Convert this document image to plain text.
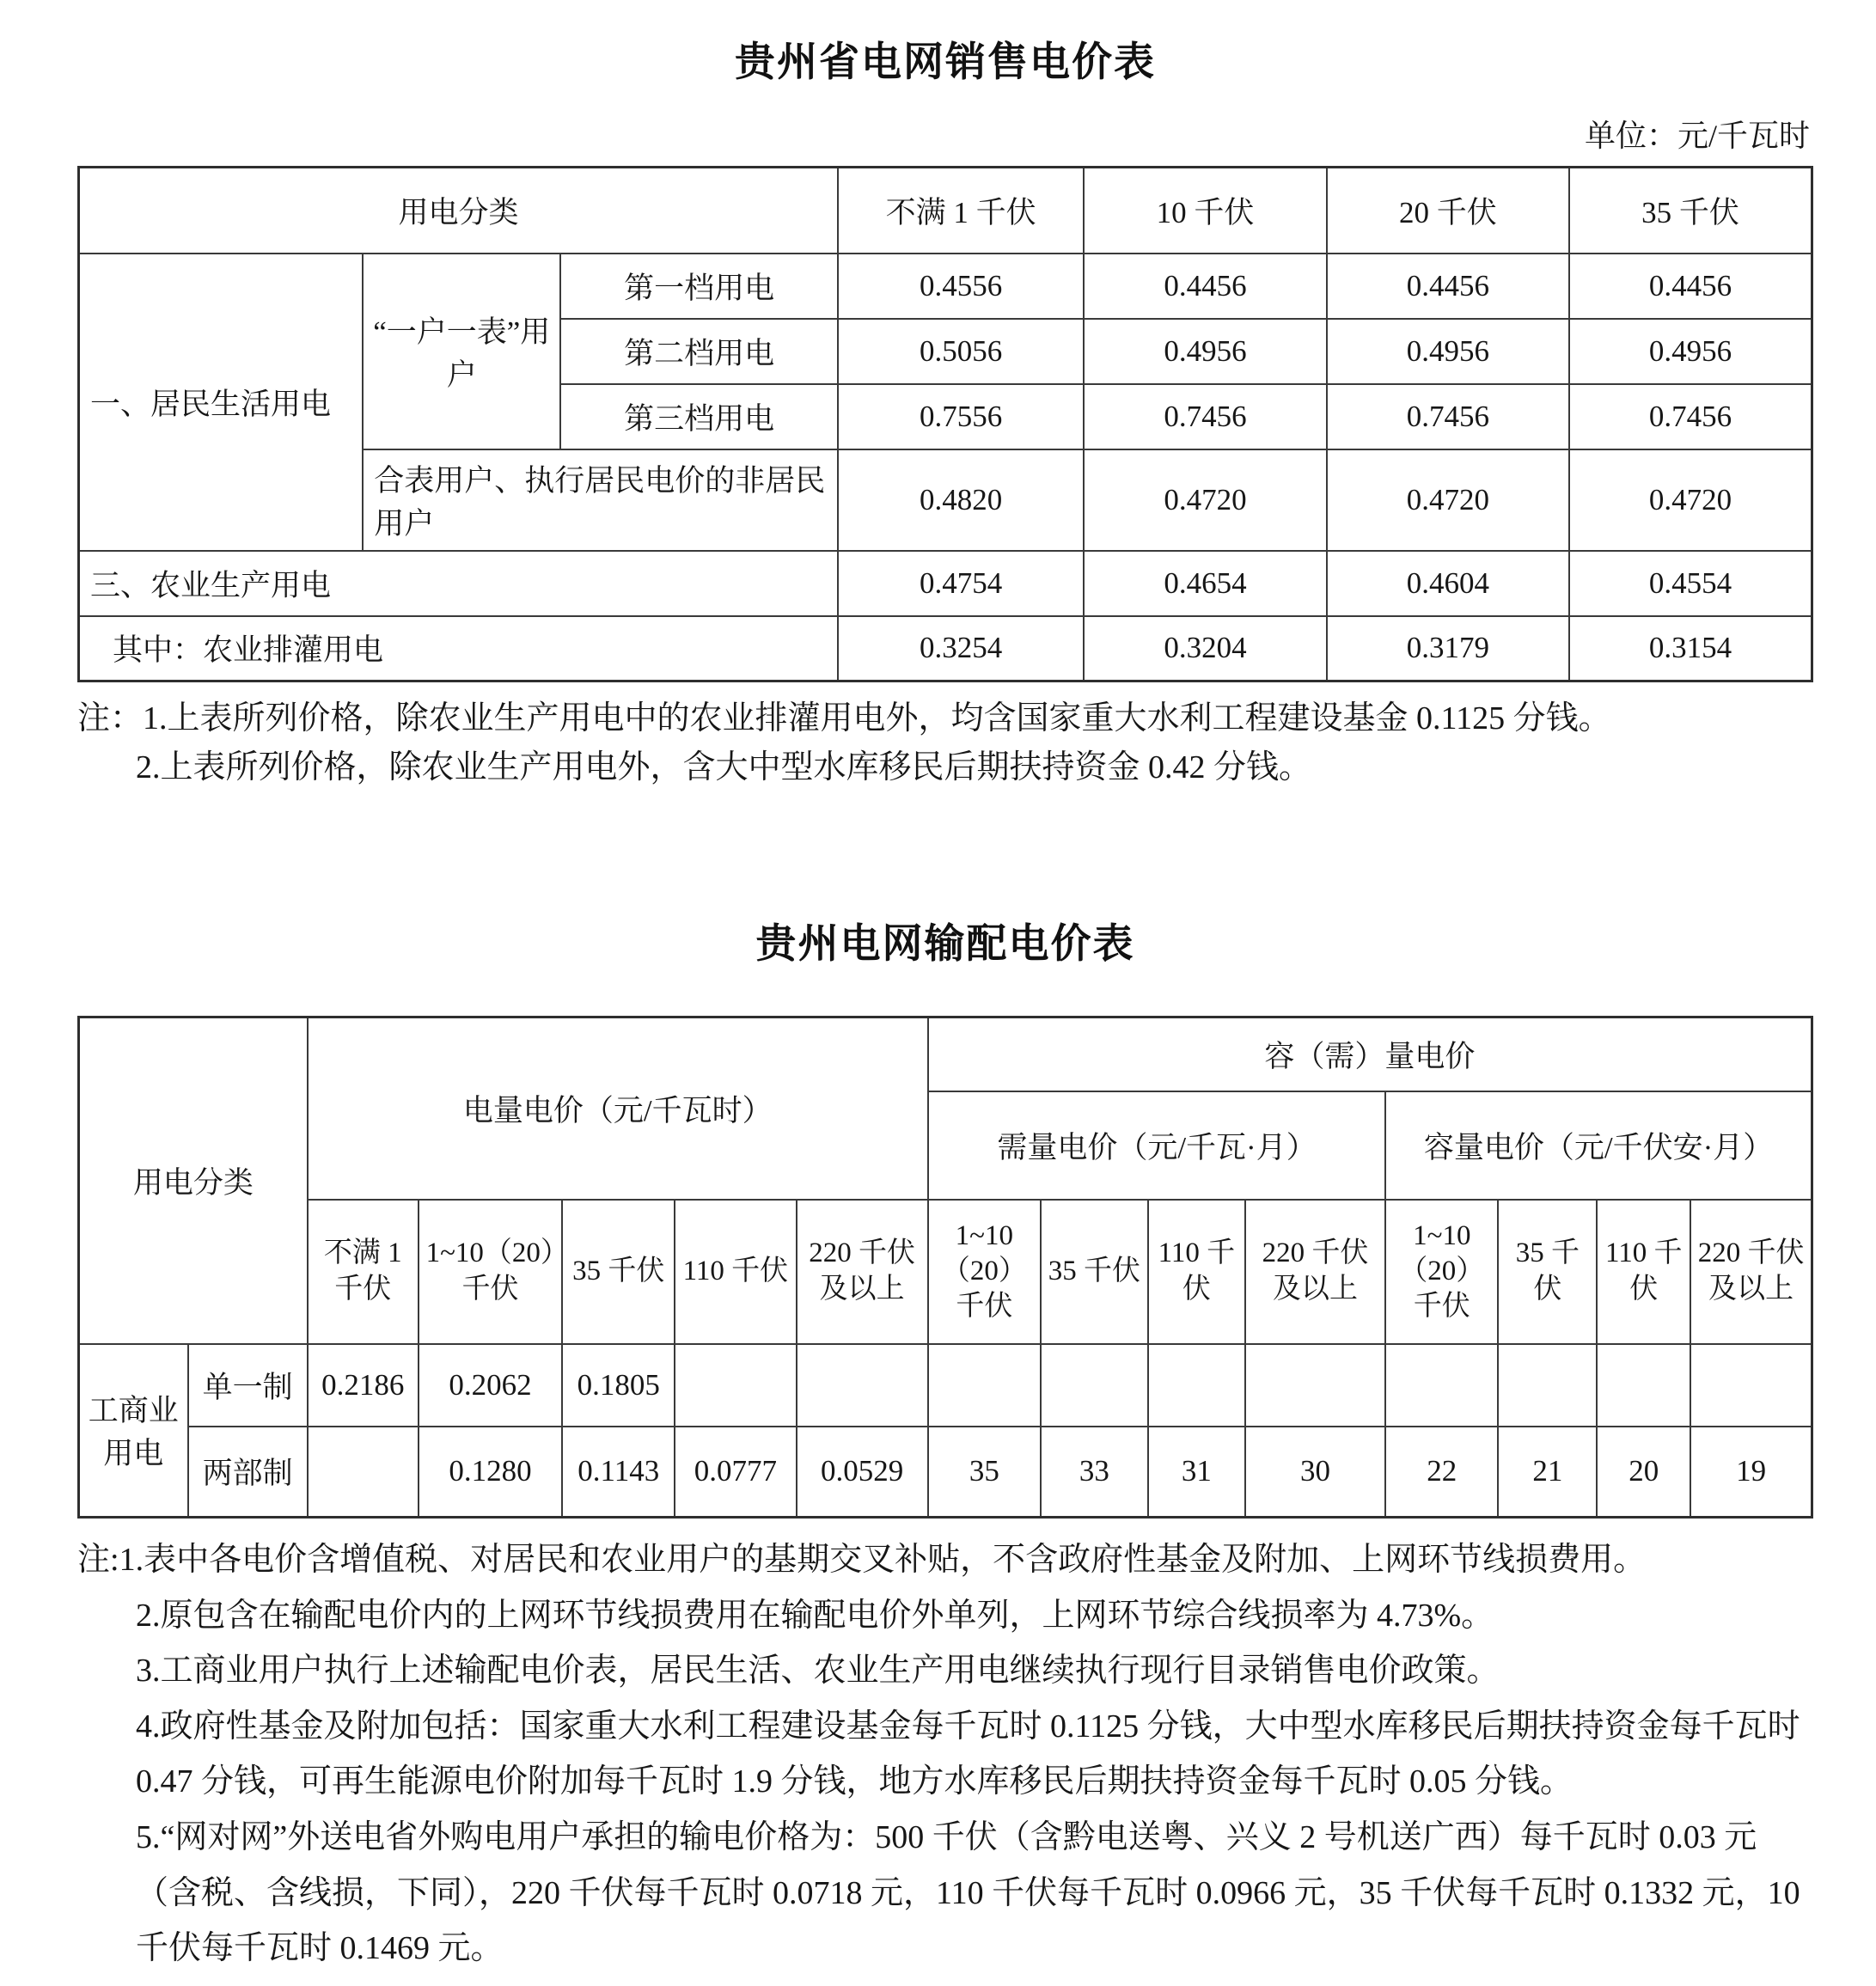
贵州省电网销售电价表
单位：元/千瓦时
用电分类			不满 1 千伏	10 千伏	20 千伏	35 千伏
一、居民生活用电	“一户一表”用户	第一档用电	0.4556	0.4456	0.4456	0.4456
		第二档用电	0.5056	0.4956	0.4956	0.4956
		第三档用电	0.7556	0.7456	0.7456	0.7456
	合表用户、执行居民电价的非居民用户		0.4820	0.4720	0.4720	0.4720
三、农业生产用电			0.4754	0.4654	0.4604	0.4554
其中：农业排灌用电			0.3254	0.3204	0.3179	0.3154
注：1.上表所列价格，除农业生产用电中的农业排灌用电外，均含国家重大水利工程建设基金 0.1125 分钱。
2.上表所列价格，除农业生产用电外，含大中型水库移民后期扶持资金 0.42 分钱。
贵州电网输配电价表
用电分类		电量电价（元/千瓦时）					容（需）量电价							
							需量电价（元/千瓦·月）				容量电价（元/千伏安·月）			
		不满 1 千伏	1~10（20）千伏	35 千伏	110 千伏	220 千伏及以上	1~10（20）千伏	35 千伏	110 千伏	220 千伏及以上	1~10（20）千伏	35 千伏	110 千伏	220 千伏及以上
工商业用电	单一制	0.2186	0.2062	0.1805										
	两部制		0.1280	0.1143	0.0777	0.0529	35	33	31	30	22	21	20	19
注:1.表中各电价含增值税、对居民和农业用户的基期交叉补贴，不含政府性基金及附加、上网环节线损费用。
2.原包含在输配电价内的上网环节线损费用在输配电价外单列，上网环节综合线损率为 4.73%。
3.工商业用户执行上述输配电价表，居民生活、农业生产用电继续执行现行目录销售电价政策。
4.政府性基金及附加包括：国家重大水利工程建设基金每千瓦时 0.1125 分钱，大中型水库移民后期扶持资金每千瓦时 0.47 分钱，可再生能源电价附加每千瓦时 1.9 分钱，地方水库移民后期扶持资金每千瓦时 0.05 分钱。
5.“网对网”外送电省外购电用户承担的输电价格为：500 千伏（含黔电送粤、兴义 2 号机送广西）每千瓦时 0.03 元（含税、含线损，下同），220 千伏每千瓦时 0.0718 元，110 千伏每千瓦时 0.0966 元，35 千伏每千瓦时 0.1332 元，10 千伏每千瓦时 0.1469 元。
